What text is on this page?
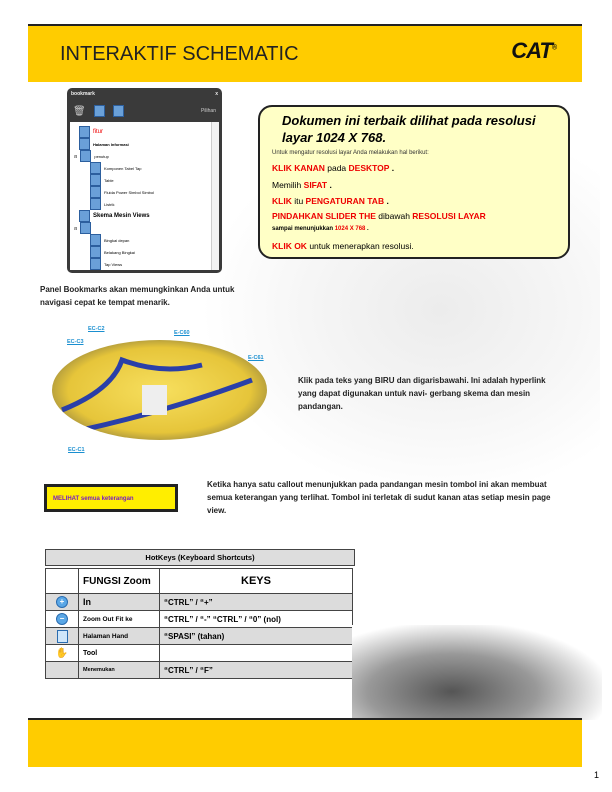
INTERAKTIF SCHEMATIC	CAT®
bookmark	x
🗑	Pilihan
fitur
Halaman Informasi
⊟	penutup
Komponen Tabel Tap
Table
Fluida Power Simbol Simbol
Listrik
Skema Mesin Views
⊟
Bingkai depan
Belakang Bingkai
Tap Views
Dokumen ini terbaik dilihat pada resolusi layar 1024 X 768.

Untuk mengatur resolusi layar Anda melakukan hal berikut:

KLIK KANAN pada DESKTOP .

Memilih SIFAT .

KLIK itu PENGATURAN TAB .

PINDAHKAN SLIDER THE dibawah RESOLUSI LAYAR

sampai menunjukkan 1024 X 768 .

KLIK OK untuk menerapkan resolusi.

Panel Bookmarks akan memungkinkan Anda untuk navigasi cepat ke tempat menarik.
EC-C2
EC-C3
E-C60
E-C61
EC-C1
Klik pada teks yang BIRU dan digarisbawahi. Ini adalah hyperlink yang dapat digunakan untuk navi- gerbang skema dan mesin pandangan.
MELIHAT semua keterangan
Ketika hanya satu callout menunjukkan pada pandangan mesin tombol ini akan membuat semua keterangan yang terlihat. Tombol ini terletak di sudut kanan atas setiap mesin page view.
HotKeys (Keyboard Shortcuts)
	FUNGSI Zoom	KEYS

+	In	“CTRL” / “+”

−	Zoom Out Fit ke	“CTRL” / “-” “CTRL” / “0” (nol)

	Halaman Hand	“SPASI” (tahan)
✋	Tool	
	Menemukan	“CTRL” / “F”
1
